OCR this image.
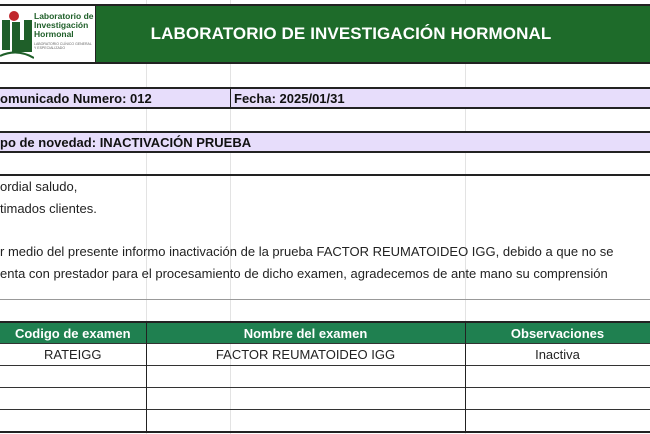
Laboratorio de
Investigación
Hormonal
LABORATORIO CLÍNICO GENERAL Y ESPECIALIZADO
LABORATORIO DE INVESTIGACIÓN HORMONAL
omunicado Numero: 012	Fecha: 2025/01/31
po de novedad: INACTIVACIÓN PRUEBA
ordial saludo,
timados clientes.
r medio del presente informo inactivación de la prueba FACTOR REUMATOIDEO IGG, debido a que no se
enta con prestador para el procesamiento de dicho examen, agradecemos de ante mano su comprensión
Codigo de examen	Nombre del examen	Observaciones
RATEIGG	FACTOR REUMATOIDEO IGG	Inactiva
